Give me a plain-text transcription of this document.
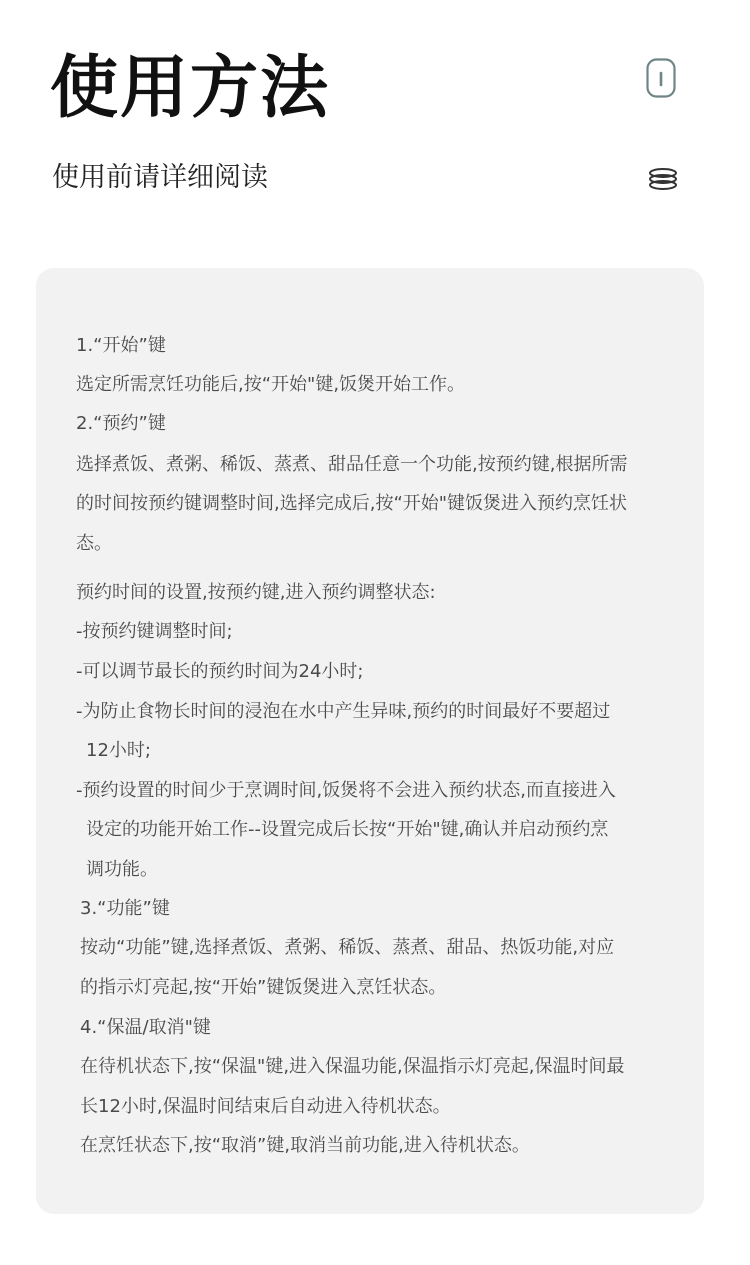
使用方法

使用前请详细阅读

1.“开始”键

选定所需烹饪功能后,按“开始"键,饭煲开始工作。

2.“预约”键

选择煮饭、煮粥、稀饭、蒸煮、甜品任意一个功能,按预约键,根据所需

的时间按预约键调整时间,选择完成后,按“开始"键饭煲进入预约烹饪状

态。

预约时间的设置,按预约键,进入预约调整状态:

-按预约键调整时间;

-可以调节最长的预约时间为24小时;

-为防止食物长时间的浸泡在水中产生异味,预约的时间最好不要超过

12小时;

-预约设置的时间少于烹调时间,饭煲将不会进入预约状态,而直接进入

设定的功能开始工作--设置完成后长按“开始"键,确认并启动预约烹

调功能。

3.“功能”键

按动“功能”键,选择煮饭、煮粥、稀饭、蒸煮、甜品、热饭功能,对应

的指示灯亮起,按“开始”键饭煲进入烹饪状态。

4.“保温/取消"键

在待机状态下,按“保温"键,进入保温功能,保温指示灯亮起,保温时间最

长12小时,保温时间结束后自动进入待机状态。

在烹饪状态下,按“取消”键,取消当前功能,进入待机状态。
